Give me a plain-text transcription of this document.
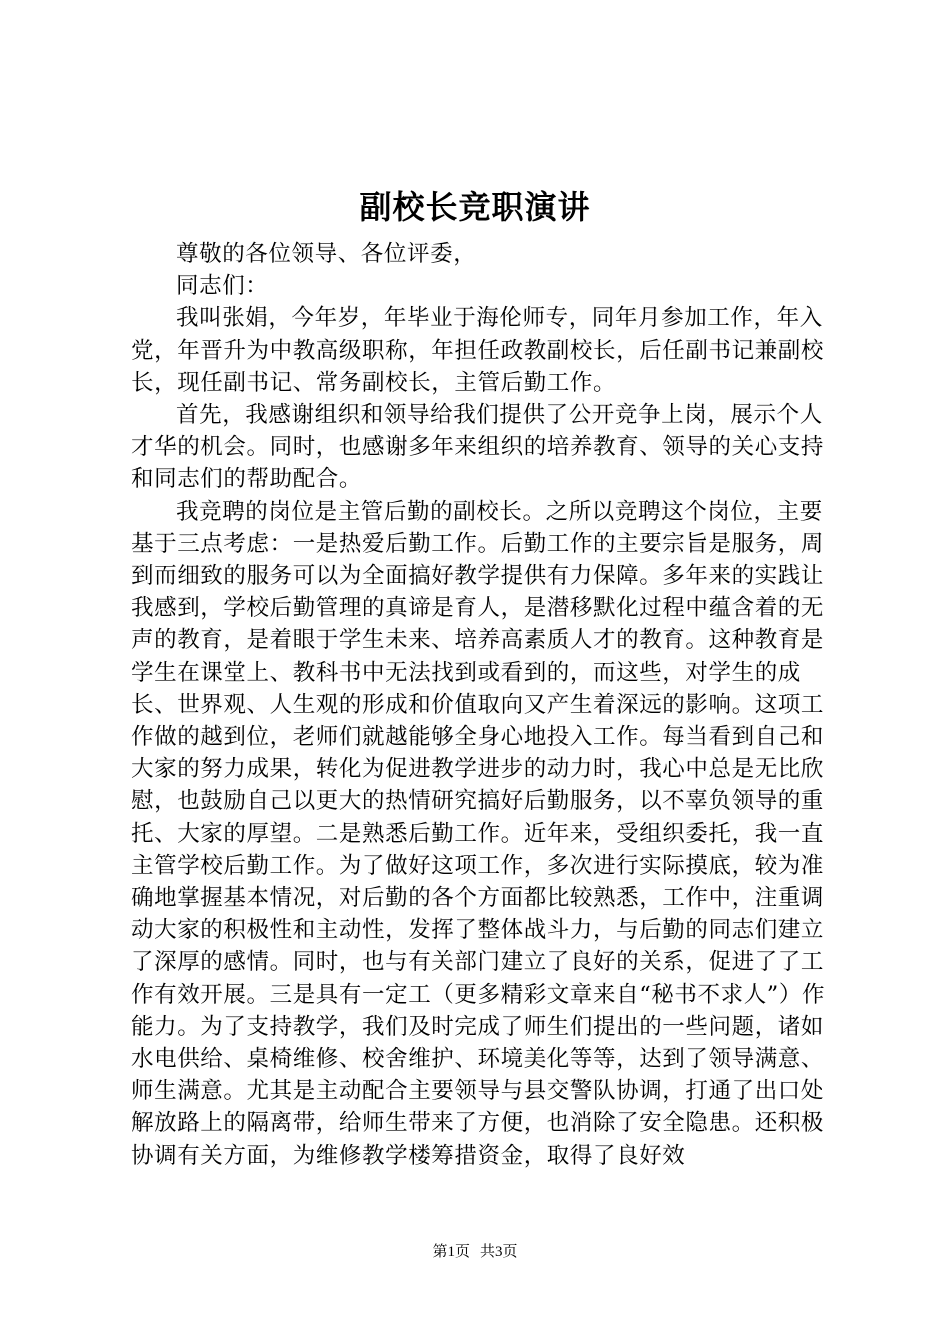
副校长竞职演讲

尊敬的各位领导、各位评委，

同志们：

我叫张娟，今年岁，年毕业于海伦师专，同年月参加工作，年入党，年晋升为中教高级职称，年担任政教副校长，后任副书记兼副校长，现任副书记、常务副校长，主管后勤工作。

首先，我感谢组织和领导给我们提供了公开竞争上岗，展示个人才华的机会。同时，也感谢多年来组织的培养教育、领导的关心支持和同志们的帮助配合。

我竞聘的岗位是主管后勤的副校长。之所以竞聘这个岗位，主要基于三点考虑：一是热爱后勤工作。后勤工作的主要宗旨是服务，周到而细致的服务可以为全面搞好教学提供有力保障。多年来的实践让我感到，学校后勤管理的真谛是育人，是潜移默化过程中蕴含着的无声的教育，是着眼于学生未来、培养高素质人才的教育。这种教育是学生在课堂上、教科书中无法找到或看到的，而这些，对学生的成长、世界观、人生观的形成和价值取向又产生着深远的影响。这项工作做的越到位，老师们就越能够全身心地投入工作。每当看到自己和大家的努力成果，转化为促进教学进步的动力时，我心中总是无比欣慰，也鼓励自己以更大的热情研究搞好后勤服务，以不辜负领导的重托、大家的厚望。二是熟悉后勤工作。近年来，受组织委托，我一直主管学校后勤工作。为了做好这项工作，多次进行实际摸底，较为准确地掌握基本情况，对后勤的各个方面都比较熟悉，工作中，注重调动大家的积极性和主动性，发挥了整体战斗力，与后勤的同志们建立了深厚的感情。同时，也与有关部门建立了良好的关系，促进了了工作有效开展。三是具有一定工（更多精彩文章来自“秘书不求人”）作能力。为了支持教学，我们及时完成了师生们提出的一些问题，诸如水电供给、桌椅维修、校舍维护、环境美化等等，达到了领导满意、师生满意。尤其是主动配合主要领导与县交警队协调，打通了出口处解放路上的隔离带，给师生带来了方便，也消除了安全隐患。还积极协调有关方面，为维修教学楼筹措资金，取得了良好效

第1页 共3页
